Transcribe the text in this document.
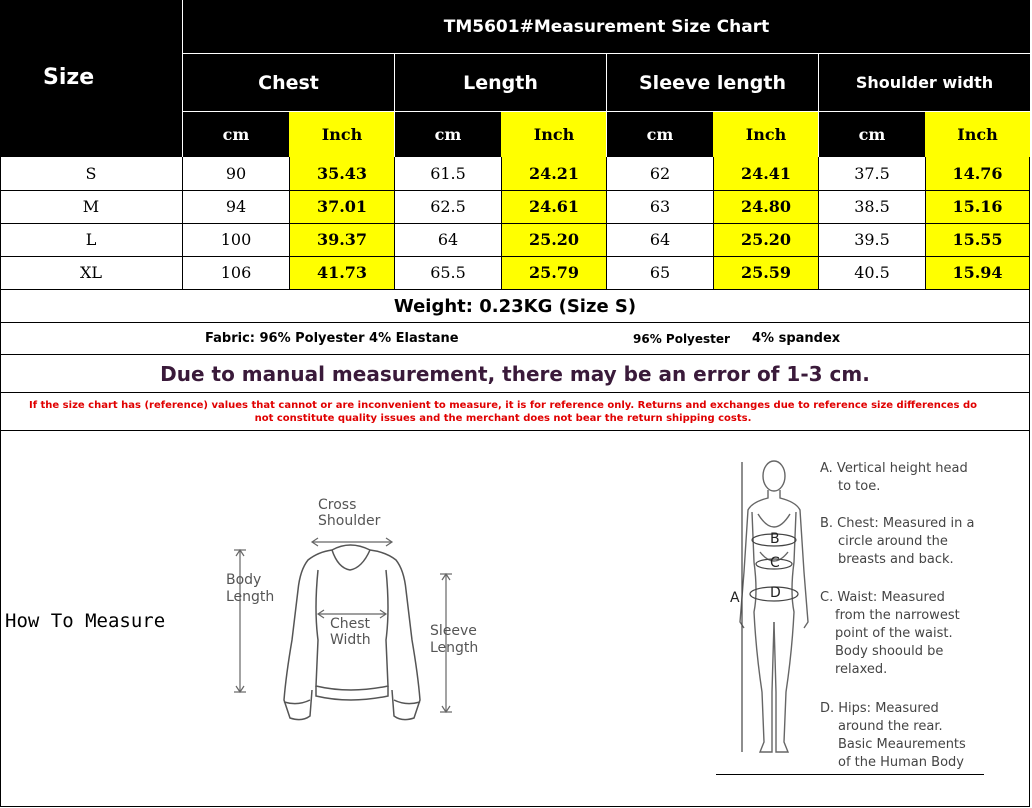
Size
TM5601#Measurement Size Chart
Chest	Length	Sleeve length	Shoulder width
cm	Inch	cm	Inch	cm	Inch	cm	Inch
S	90	35.43	61.5	24.21	62	24.41	37.5	14.76
M	94	37.01	62.5	24.61	63	24.80	38.5	15.16
L	100	39.37	64	25.20	64	25.20	39.5	15.55
XL	106	41.73	65.5	25.79	65	25.59	40.5	15.94
Weight: 0.23KG (Size S)
Fabric: 96% Polyester 4% Elastane	96% Polyester	4% spandex
Due to manual measurement, there may be an error of 1-3 cm.
If the size chart has (reference) values that cannot or are inconvenient to measure, it is for reference only. Returns and exchanges due to reference size differences do not constitute quality issues and the merchant does not bear the return shipping costs.
How To Measure
Cross
Shoulder
Body
Length
Chest
Width
Sleeve
Length
A
B
C
D
A. Vertical height head
to toe.
B. Chest: Measured in a
circle around the
breasts and back.
C. Waist: Measured
from the narrowest
point of the waist.
Body shoould be
relaxed.
D. Hips: Measured
around the rear.
Basic Meaurements
of the Human Body
